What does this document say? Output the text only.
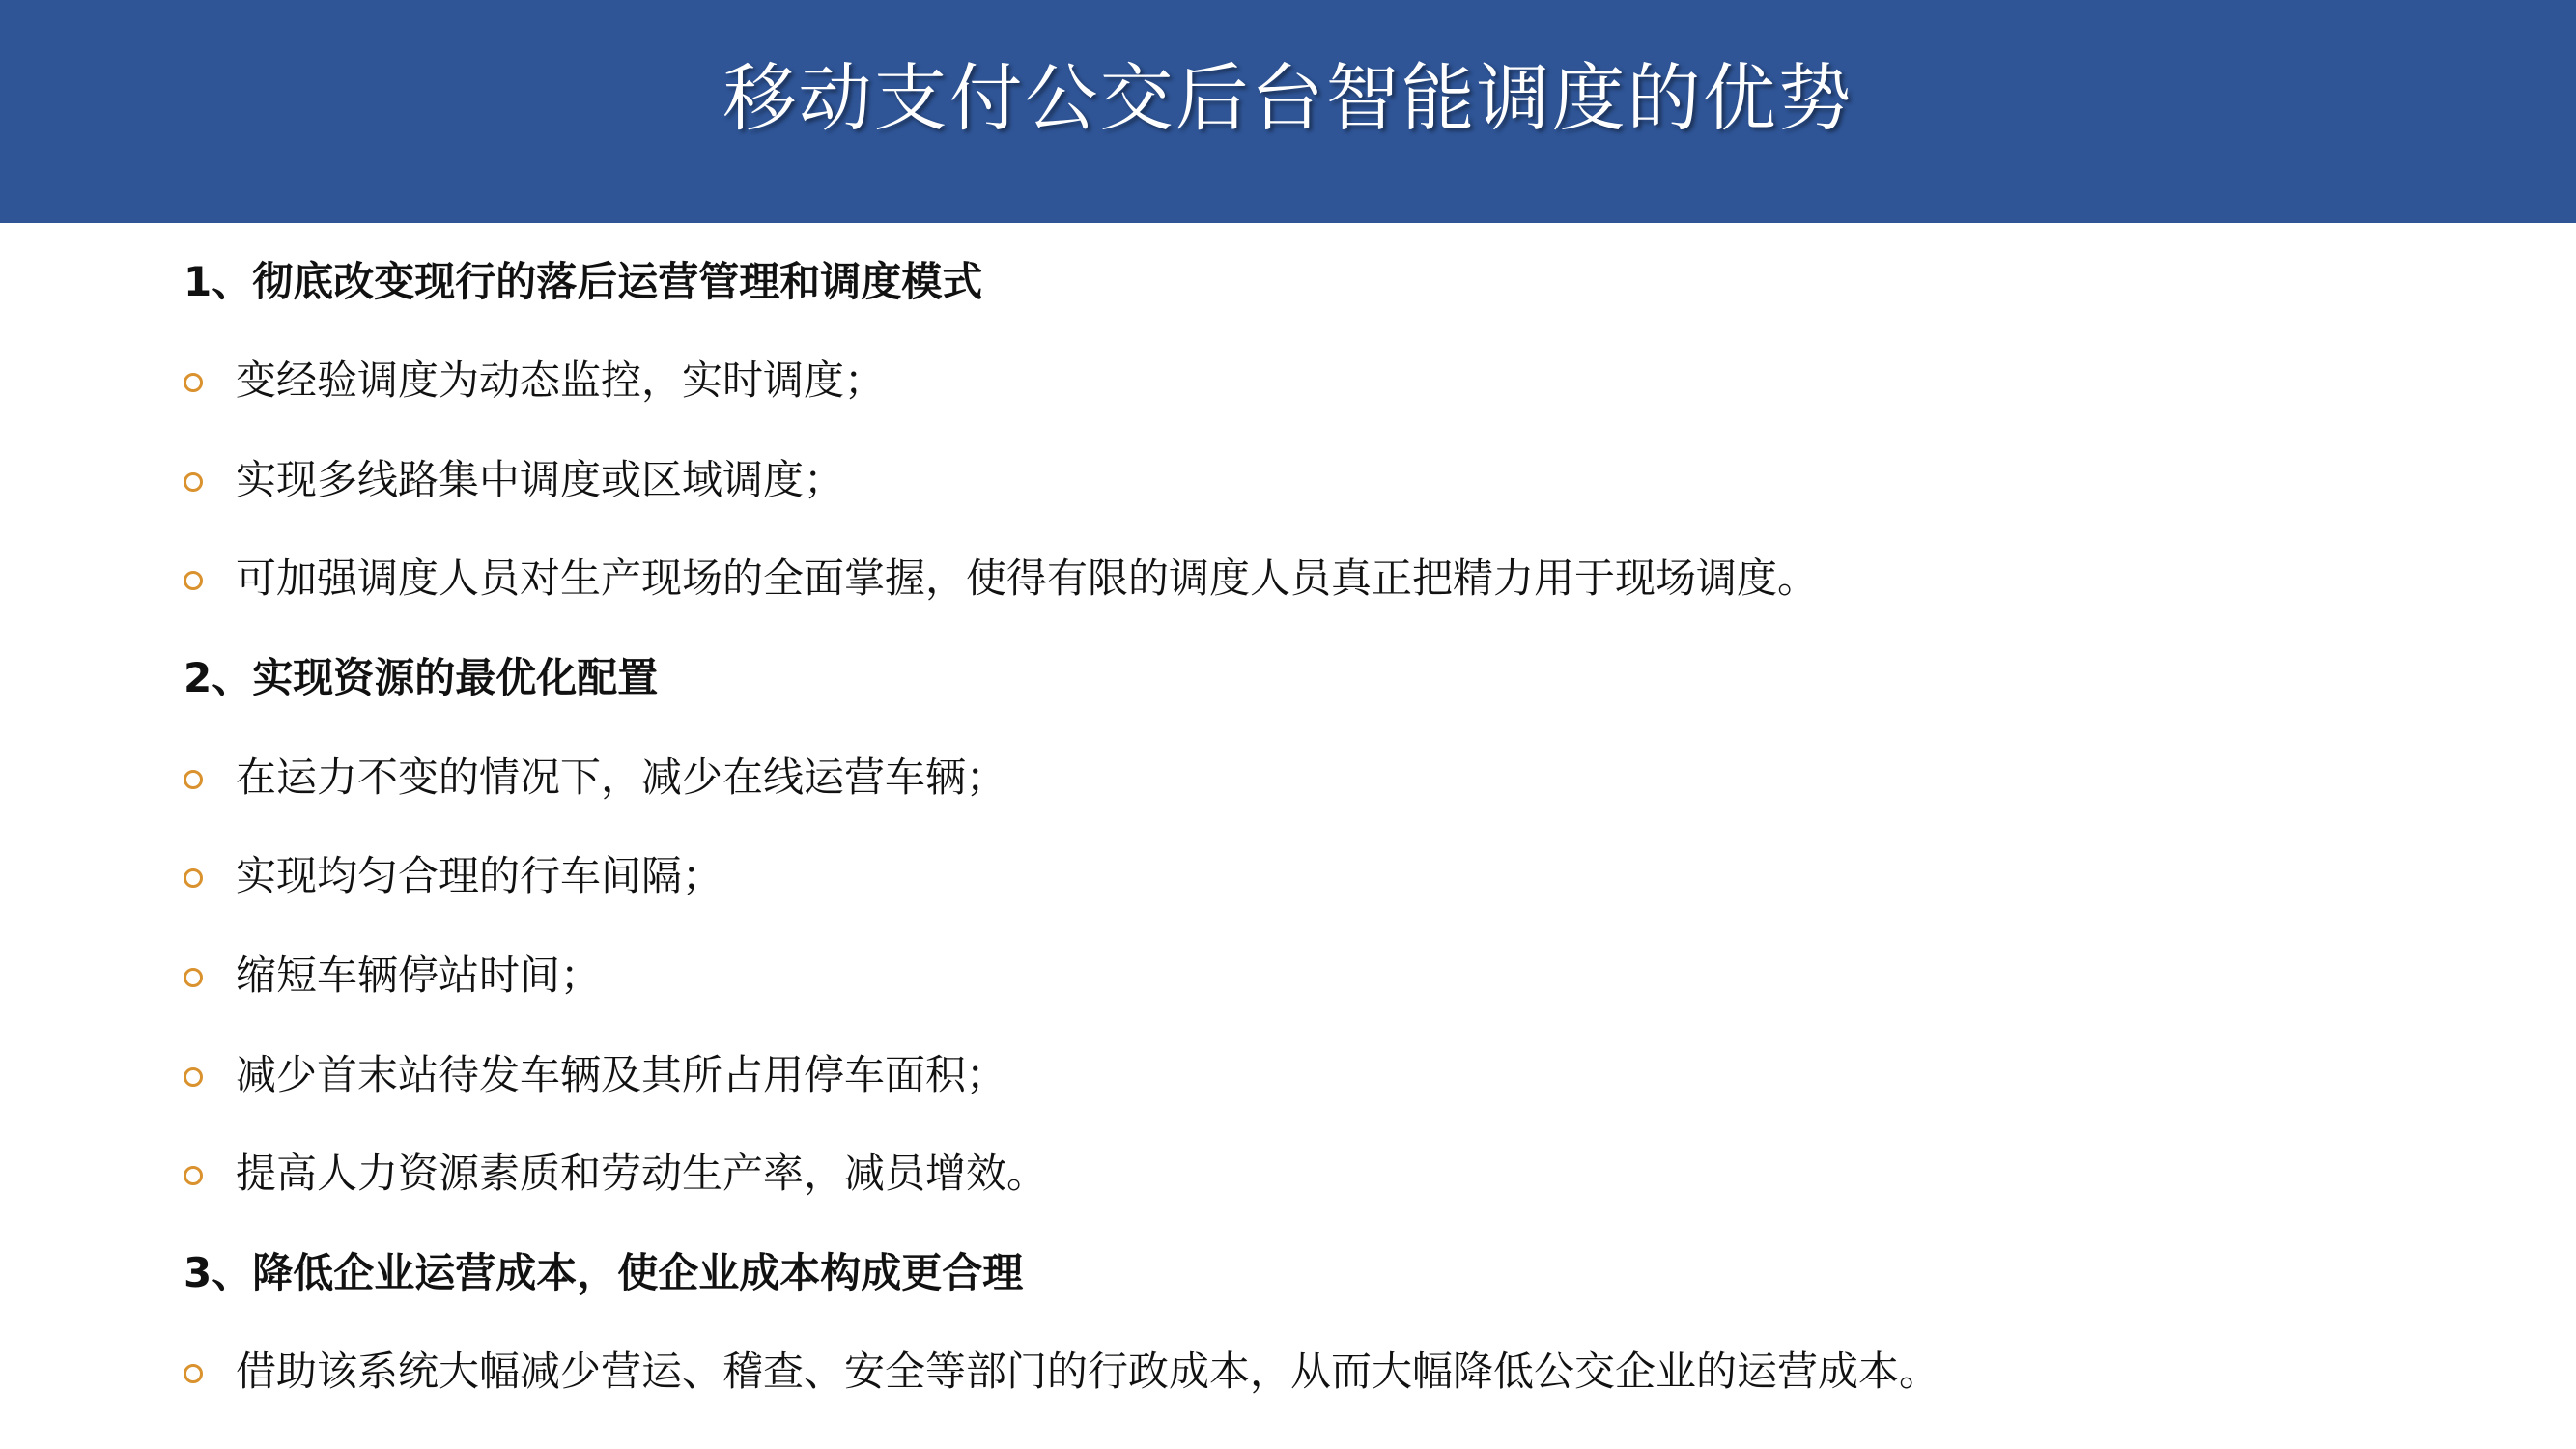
移动支付公交后台智能调度的优势
1、彻底改变现行的落后运营管理和调度模式
变经验调度为动态监控，实时调度；
实现多线路集中调度或区域调度；
可加强调度人员对生产现场的全面掌握，使得有限的调度人员真正把精力用于现场调度。
2、实现资源的最优化配置
在运力不变的情况下，减少在线运营车辆；
实现均匀合理的行车间隔；
缩短车辆停站时间；
减少首末站待发车辆及其所占用停车面积；
提高人力资源素质和劳动生产率，减员增效。
3、降低企业运营成本，使企业成本构成更合理
借助该系统大幅减少营运、稽查、安全等部门的行政成本，从而大幅降低公交企业的运营成本。
